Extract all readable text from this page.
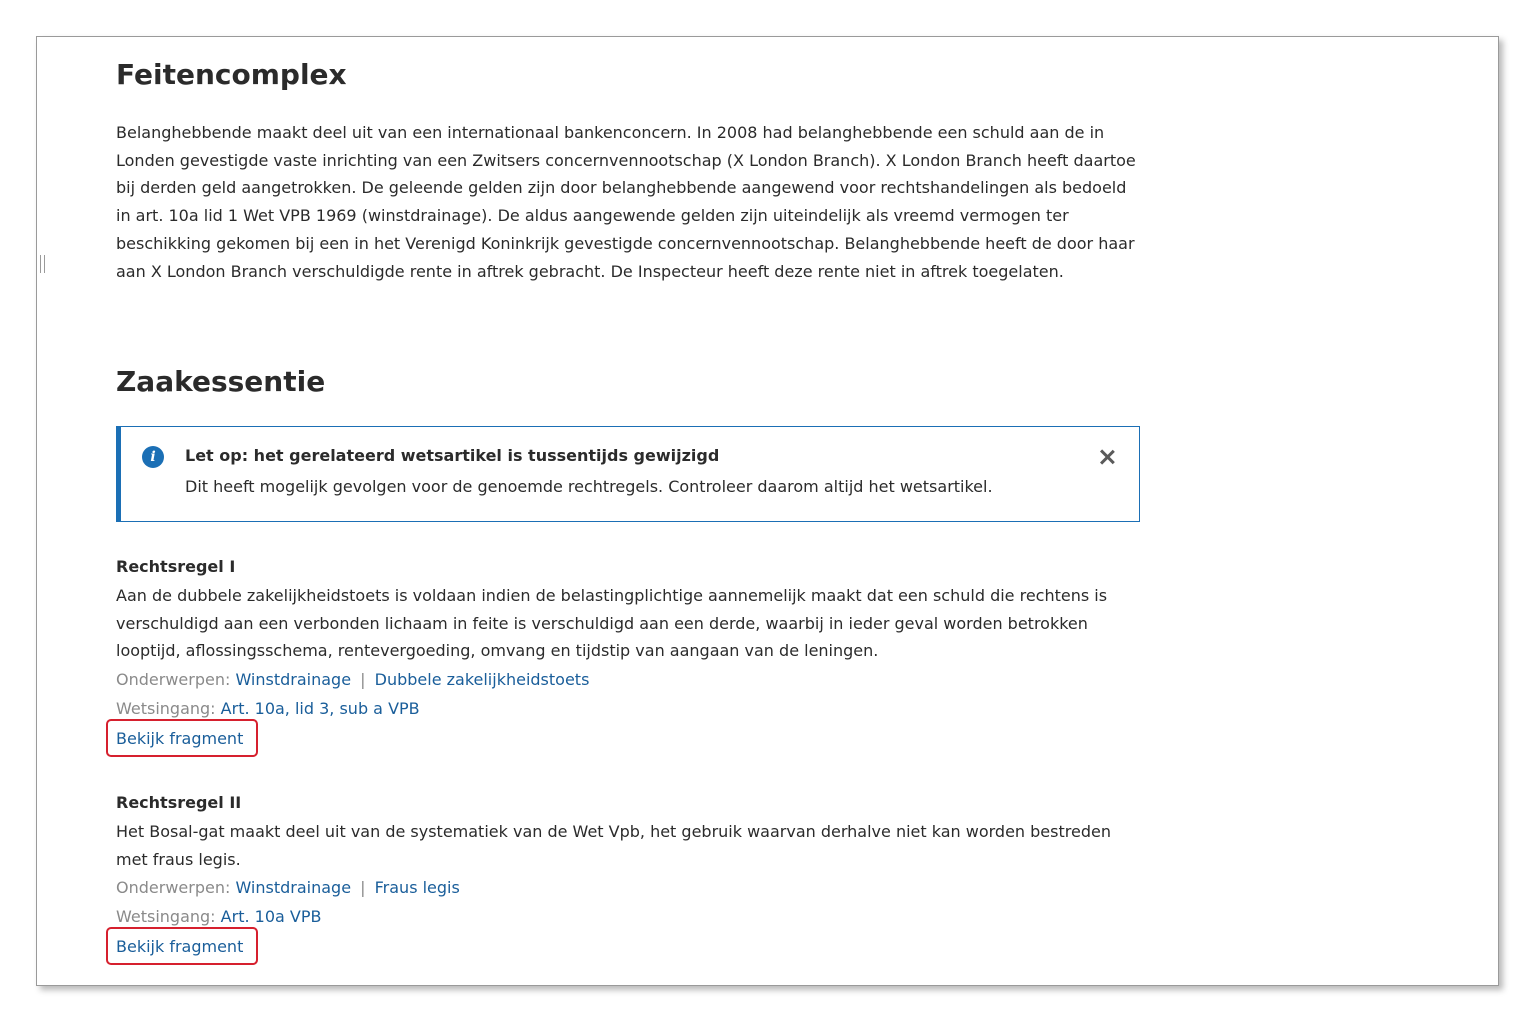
Feitencomplex

Belanghebbende maakt deel uit van een internationaal bankenconcern. In 2008 had belanghebbende een schuld aan de in Londen gevestigde vaste inrichting van een Zwitsers concernvennootschap (X London Branch). X London Branch heeft daartoe bij derden geld aangetrokken. De geleende gelden zijn door belanghebbende aangewend voor rechtshandelingen als bedoeld in art. 10a lid 1 Wet VPB 1969 (winstdrainage). De aldus aangewende gelden zijn uiteindelijk als vreemd vermogen ter beschikking gekomen bij een in het Verenigd Koninkrijk gevestigde concernvennootschap. Belanghebbende heeft de door haar aan X London Branch verschuldigde rente in aftrek gebracht. De Inspecteur heeft deze rente niet in aftrek toegelaten.

Zaakessentie
i	Let op: het gerelateerd wetsartikel is tussentijds gewijzigd
Dit heeft mogelijk gevolgen voor de genoemde rechtregels. Controleer daarom altijd het wetsartikel.

Rechtsregel I

Aan de dubbele zakelijkheidstoets is voldaan indien de belastingplichtige aannemelijk maakt dat een schuld die rechtens is verschuldigd aan een verbonden lichaam in feite is verschuldigd aan een derde, waarbij in ieder geval worden betrokken looptijd, aflossingsschema, rentevergoeding, omvang en tijdstip van aangaan van de leningen.

Onderwerpen: Winstdrainage | Dubbele zakelijkheidstoets
Wetsingang: Art. 10a, lid 3, sub a VPB
Bekijk fragment

Rechtsregel II

Het Bosal-gat maakt deel uit van de systematiek van de Wet Vpb, het gebruik waarvan derhalve niet kan worden bestreden met fraus legis.

Onderwerpen: Winstdrainage | Fraus legis
Wetsingang: Art. 10a VPB
Bekijk fragment
